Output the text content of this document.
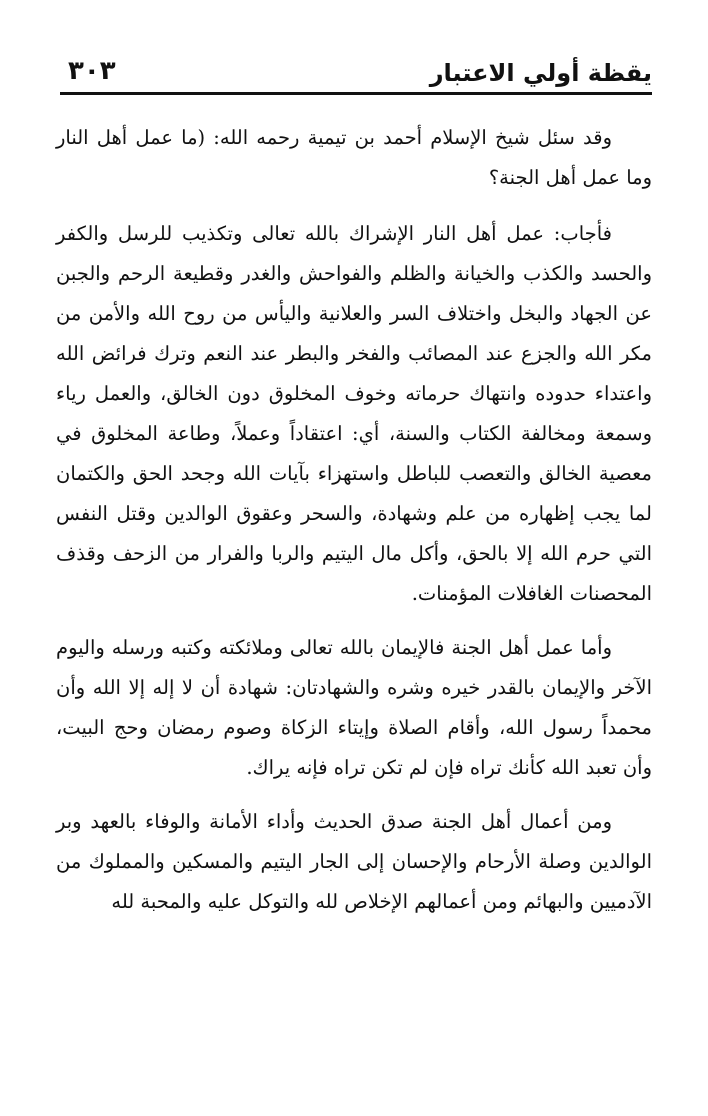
يقظة أولي الاعتبار
٣٠٣

وقد سئل شيخ الإسلام أحمد بن تيمية رحمه الله: (ما عمل أهل النار وما عمل أهل الجنة؟

فأجاب: عمل أهل النار الإشراك بالله تعالى وتكذيب للرسل والكفر والحسد والكذب والخيانة والظلم والفواحش والغدر وقطيعة الرحم والجبن عن الجهاد والبخل واختلاف السر والعلانية واليأس من روح الله والأمن من مكر الله والجزع عند المصائب والفخر والبطر عند النعم وترك فرائض الله واعتداء حدوده وانتهاك حرماته وخوف المخلوق دون الخالق، والعمل رياء وسمعة ومخالفة الكتاب والسنة، أي: اعتقاداً وعملاً، وطاعة المخلوق في معصية الخالق والتعصب للباطل واستهزاء بآيات الله وجحد الحق والكتمان لما يجب إظهاره من علم وشهادة، والسحر وعقوق الوالدين وقتل النفس التي حرم الله إلا بالحق، وأكل مال اليتيم والربا والفرار من الزحف وقذف المحصنات الغافلات المؤمنات.

وأما عمل أهل الجنة فالإيمان بالله تعالى وملائكته وكتبه ورسله واليوم الآخر والإيمان بالقدر خيره وشره والشهادتان: شهادة أن لا إله إلا الله وأن محمداً رسول الله، وأقام الصلاة وإيتاء الزكاة وصوم رمضان وحج البيت، وأن تعبد الله كأنك تراه فإن لم تكن تراه فإنه يراك.

ومن أعمال أهل الجنة صدق الحديث وأداء الأمانة والوفاء بالعهد وبر الوالدين وصلة الأرحام والإحسان إلى الجار اليتيم والمسكين والمملوك من الآدميين والبهائم ومن أعمالهم الإخلاص لله والتوكل عليه والمحبة لله
